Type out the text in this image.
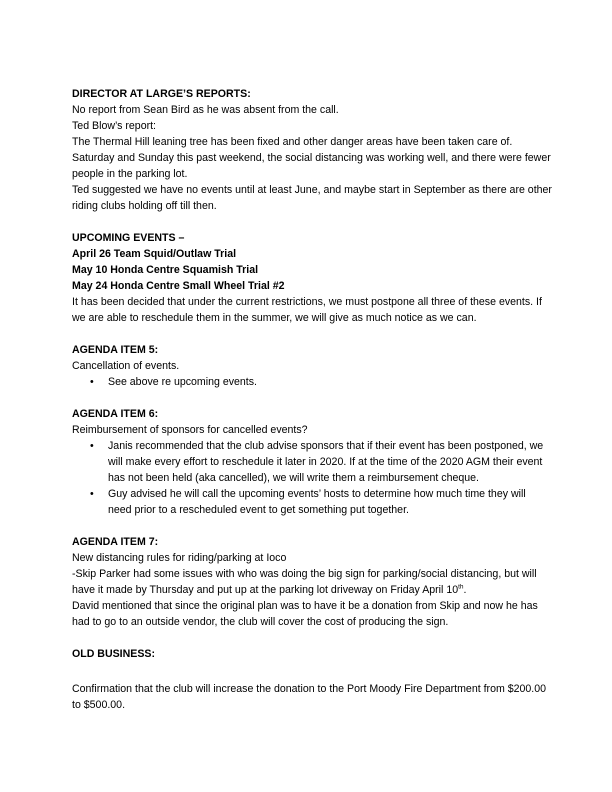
DIRECTOR AT LARGE’S REPORTS:

No report from Sean Bird as he was absent from the call.

Ted Blow’s report:

The Thermal Hill leaning tree has been fixed and other danger areas have been taken care of.

Saturday and Sunday this past weekend, the social distancing was working well, and there were fewer people in the parking lot.

Ted suggested we have no events until at least June, and maybe start in September as there are other riding clubs holding off till then.

UPCOMING EVENTS –

April 26 Team Squid/Outlaw Trial

May 10 Honda Centre Squamish Trial

May 24 Honda Centre Small Wheel Trial #2

It has been decided that under the current restrictions, we must postpone all three of these events. If we are able to reschedule them in the summer, we will give as much notice as we can.

AGENDA ITEM 5:

Cancellation of events.

• See above re upcoming events.

AGENDA ITEM 6:

Reimbursement of sponsors for cancelled events?

• Janis recommended that the club advise sponsors that if their event has been postponed, we will make every effort to reschedule it later in 2020. If at the time of the 2020 AGM their event has not been held (aka cancelled), we will write them a reimbursement cheque.
• Guy advised he will call the upcoming events’ hosts to determine how much time they will need prior to a rescheduled event to get something put together.

AGENDA ITEM 7:

New distancing rules for riding/parking at Ioco

-Skip Parker had some issues with who was doing the big sign for parking/social distancing, but will have it made by Thursday and put up at the parking lot driveway on Friday April 10th.

David mentioned that since the original plan was to have it be a donation from Skip and now he has had to go to an outside vendor, the club will cover the cost of producing the sign.

OLD BUSINESS:

Confirmation that the club will increase the donation to the Port Moody Fire Department from $200.00 to $500.00.
